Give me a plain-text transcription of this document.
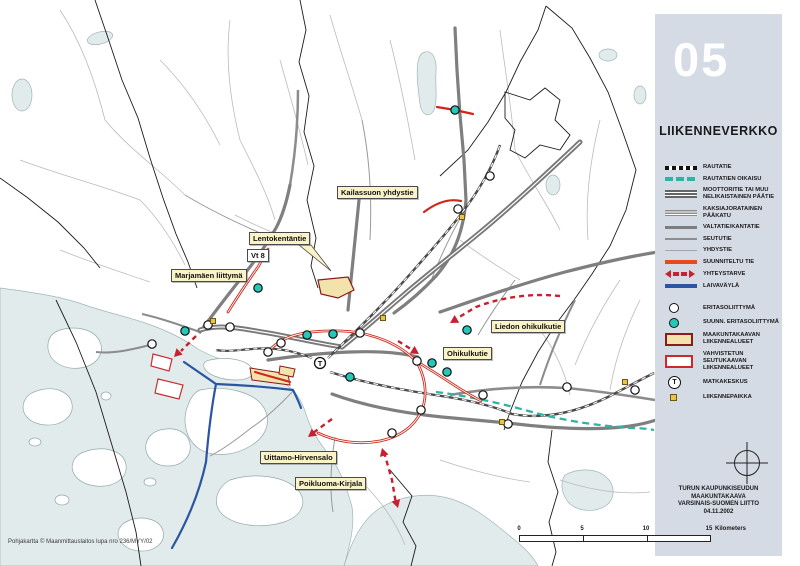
T
Kailassuon yhdystie
Lentokentäntie
Vt 8
Marjamäen liittymä
Liedon ohikulkutie
Ohikulkutie
Uittamo-Hirvensalo
Poikluoma-Kirjala
05
LIIKENNEVERKKO
RAUTATIE
RAUTATIEN OIKAISU
MOOTTORITIE TAI MUU NELIKAISTAINEN PÄÄTIE
KAKSIAJORATAINEN PÄÄKATU
VALTATIE/KANTATIE
SEUTUTIE
YHDYSTIE
SUUNNITELTU TIE
YHTEYSTARVE
LAIVAVÄYLÄ
ERITASOLIITTYMÄ
SUUNN. ERITASOLIITTYMÄ
MAAKUNTAKAAVAN LIIKENNEALUEET
VAHVISTETUN SEUTUKAAVAN LIIKENNEALUEET
T	MATKAKESKUS
LIIKENNEPAIKKA
TURUN KAUPUNKISEUDUN MAAKUNTAKAAVA
VARSINAIS-SUOMEN LIITTO
04.11.2002
0	5	10	15 Kilometers
Pohjakartta © Maanmittauslaitos lupa nro 236/MYY/02
